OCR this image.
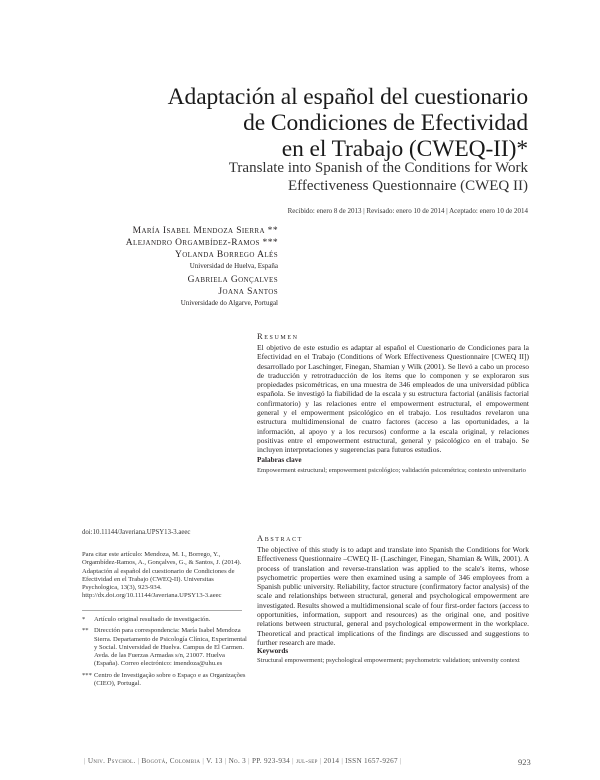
Adaptación al español del cuestionario
de Condiciones de Efectividad
en el Trabajo (CWEQ-II)*
Translate into Spanish of the Conditions for Work
Effectiveness Questionnaire (CWEQ II)
Recibido: enero 8 de 2013 | Revisado: enero 10 de 2014 | Aceptado: enero 10 de 2014
María Isabel Mendoza Sierra **
Alejandro Orgambídez-Ramos ***
Yolanda Borrego Alés
Universidad de Huelva, España
Gabriela Gonçalves
Joana Santos
Universidade do Algarve, Portugal
Resumen
El objetivo de este estudio es adaptar al español el Cuestionario de Condiciones para la Efectividad en el Trabajo (Conditions of Work Effectiveness Questionnaire [CWEQ II]) desarrollado por Laschinger, Finegan, Shamian y Wilk (2001). Se llevó a cabo un proceso de traducción y retrotraducción de los ítems que lo componen y se exploraron sus propiedades psicométricas, en una muestra de 346 empleados de una universidad pública española. Se investigó la fiabilidad de la escala y su estructura factorial (análisis factorial confirmatorio) y las relaciones entre el empowerment estructural, el empowerment general y el empowerment psicológico en el trabajo. Los resultados revelaron una estructura multidimensional de cuatro factores (acceso a las oportunidades, a la información, al apoyo y a los recursos) conforme a la escala original, y relaciones positivas entre el empowerment estructural, general y psicológico en el trabajo. Se incluyen interpretaciones y sugerencias para futuros estudios.
Palabras clave
Empowerment estructural; empowerment psicológico; validación psicométrica; contexto universitario
Abstract
The objective of this study is to adapt and translate into Spanish the Conditions for Work Effectiveness Questionnaire –CWEQ II- (Laschinger, Finegan, Shamian & Wilk, 2001). A process of translation and reverse-translation was applied to the scale's items, whose psychometric properties were then examined using a sample of 346 employees from a Spanish public university. Reliability, factor structure (confirmatory factor analysis) of the scale and relationships between structural, general and psychological empowerment are investigated. Results showed a multidimensional scale of four first-order factors (access to opportunities, information, support and resources) as the original one, and positive relations between structural, general and psychological empowerment in the workplace. Theoretical and practical implications of the findings are discussed and suggestions to further research are made.
Keywords
Structural empowerment; psychological empowerment; psychometric validation; university context
doi:10.11144/Javeriana.UPSY13-3.aeec
Para citar este artículo: Mendoza, M. I., Borrego, Y., Orgambídez-Ramos, A., Gonçalves, G., & Santos, J. (2014). Adaptación al español del cuestionario de Condiciones de Efectividad en el Trabajo (CWEQ-II). Universitas Psychologica, 13(3), 923-934. http://dx.doi.org/10.11144/Javeriana.UPSY13-3.aeec
*	Artículo original resultado de investigación.
** Dirección para correspondencia: María Isabel Mendoza Sierra. Departamento de Psicología Clínica, Experimental y Social. Universidad de Huelva. Campus de El Carmen. Avda. de las Fuerzas Armadas s/n, 21007. Huelva (España). Correo electrónico: imendoza@uhu.es
*** Centro de Investigação sobre o Espaço e as Organizações (CIEO), Portugal.
| Univ. Psychol. | Bogotá, Colombia | V. 13 | No. 3 | PP. 923-934 | jul-sep | 2014 | ISSN 1657-9267 |	923
